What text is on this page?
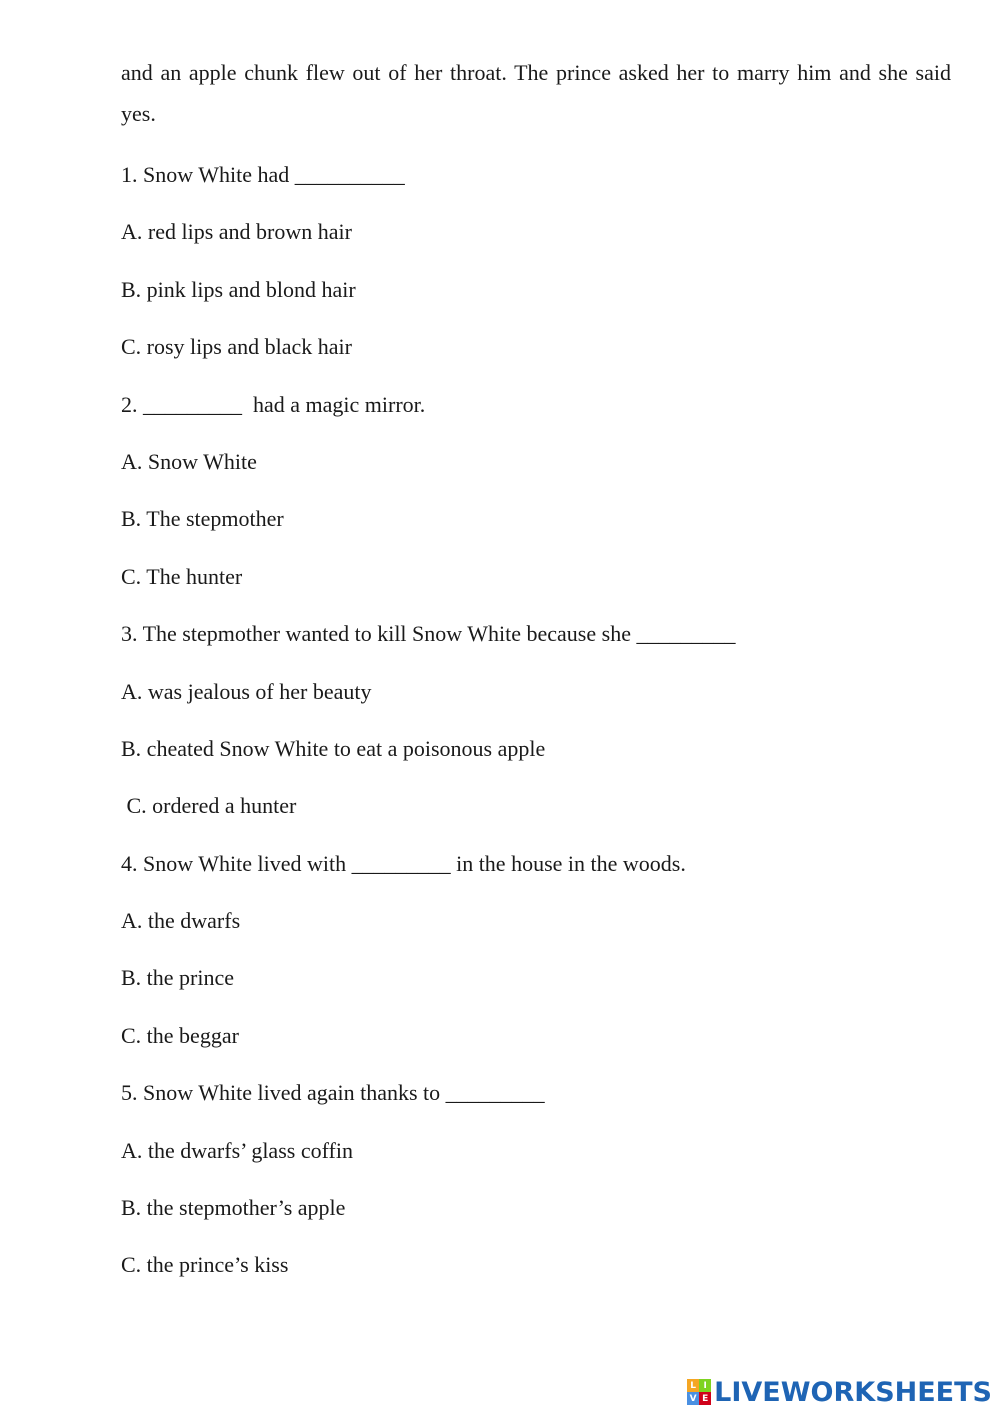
and an apple chunk flew out of her throat. The prince asked her to marry him and she said yes.

1. Snow White had __________
A. red lips and brown hair
B. pink lips and blond hair
C. rosy lips and black hair
2. _________  had a magic mirror.
A. Snow White
B. The stepmother
C. The hunter
3. The stepmother wanted to kill Snow White because she _________
A. was jealous of her beauty
B. cheated Snow White to eat a poisonous apple
C. ordered a hunter
4. Snow White lived with _________ in the house in the woods.
A. the dwarfs
B. the prince
C. the beggar
5. Snow White lived again thanks to _________
A. the dwarfs’ glass coffin
B. the stepmother’s apple
C. the prince’s kiss
L I
V E LIVEWORKSHEETS
